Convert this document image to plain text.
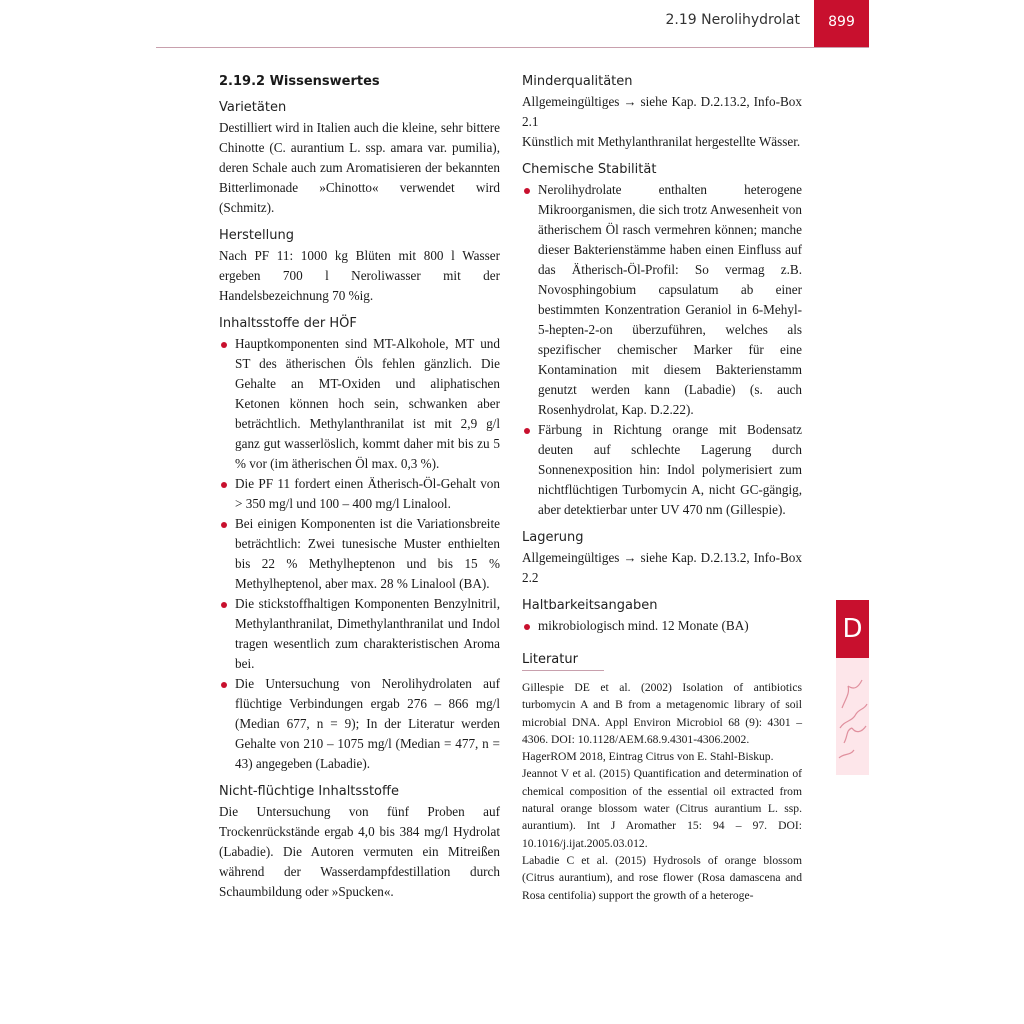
2.19 Nerolihydrolat	899
D
2.19.2 Wissenswertes
Varietäten

Destilliert wird in Italien auch die kleine, sehr bittere Chinotte (C. aurantium L. ssp. amara var. pumilia), deren Schale auch zum Aromatisieren der bekannten Bitterlimonade »Chinotto« verwendet wird (Schmitz).

Herstellung

Nach PF 11: 1000 kg Blüten mit 800 l Wasser ergeben 700 l Neroliwasser mit der Handelsbezeichnung 70 %ig.

Inhaltsstoffe der HÖF
Hauptkomponenten sind MT-Alkohole, MT und ST des ätherischen Öls fehlen gänzlich. Die Gehalte an MT-Oxiden und aliphatischen Ketonen können hoch sein, schwanken aber beträchtlich. Methylanthranilat ist mit 2,9 g/l ganz gut wasserlöslich, kommt daher mit bis zu 5 % vor (im ätherischen Öl max. 0,3 %).
Die PF 11 fordert einen Ätherisch-Öl-Gehalt von > 350 mg/l und 100 – 400 mg/l Linalool.
Bei einigen Komponenten ist die Variationsbreite beträchtlich: Zwei tunesische Muster enthielten bis 22 % Methylheptenon und bis 15 % Methylheptenol, aber max. 28 % Linalool (BA).
Die stickstoffhaltigen Komponenten Benzylnitril, Methylanthranilat, Dimethylanthranilat und Indol tragen wesentlich zum charakteristischen Aroma bei.
Die Untersuchung von Nerolihydrolaten auf flüchtige Verbindungen ergab 276 – 866 mg/l (Median 677, n = 9); In der Literatur werden Gehalte von 210 – 1075 mg/l (Median = 477, n = 43) angegeben (Labadie).
Nicht-flüchtige Inhaltsstoffe

Die Untersuchung von fünf Proben auf Trockenrückstände ergab 4,0 bis 384 mg/l Hydrolat (Labadie). Die Autoren vermuten ein Mitreißen während der Wasserdampfdestillation durch Schaumbildung oder »Spucken«.

Minderqualitäten

Allgemeingültiges → siehe Kap. D.2.13.2, Info-Box 2.1

Künstlich mit Methylanthranilat hergestellte Wässer.

Chemische Stabilität
Nerolihydrolate enthalten heterogene Mikroorganismen, die sich trotz Anwesenheit von ätherischem Öl rasch vermehren können; manche dieser Bakterienstämme haben einen Einfluss auf das Ätherisch-Öl-Profil: So vermag z.B. Novosphingobium capsulatum ab einer bestimmten Konzentration Geraniol in 6-Mehyl-5-hepten-2-on überzuführen, welches als spezifischer chemischer Marker für eine Kontamination mit diesem Bakterienstamm genutzt werden kann (Labadie) (s. auch Rosenhydrolat, Kap. D.2.22).
Färbung in Richtung orange mit Bodensatz deuten auf schlechte Lagerung durch Sonnenexposition hin: Indol polymerisiert zum nichtflüchtigen Turbomycin A, nicht GC-gängig, aber detektierbar unter UV 470 nm (Gillespie).
Lagerung

Allgemeingültiges → siehe Kap. D.2.13.2, Info-Box 2.2

Haltbarkeitsangaben
mikrobiologisch mind. 12 Monate (BA)
Literatur

Gillespie DE et al. (2002) Isolation of antibiotics turbomycin A and B from a metagenomic library of soil microbial DNA. Appl Environ Microbiol 68 (9): 4301 – 4306. DOI: 10.1128/AEM.68.9.4301-4306.2002.

HagerROM 2018, Eintrag Citrus von E. Stahl-Biskup.

Jeannot V et al. (2015) Quantification and determination of chemical composition of the essential oil extracted from natural orange blossom water (Citrus aurantium L. ssp. aurantium). Int J Aromather 15: 94 – 97. DOI: 10.1016/j.ijat.2005.03.012.

Labadie C et al. (2015) Hydrosols of orange blossom (Citrus aurantium), and rose flower (Rosa damascena and Rosa centifolia) support the growth of a heteroge-
